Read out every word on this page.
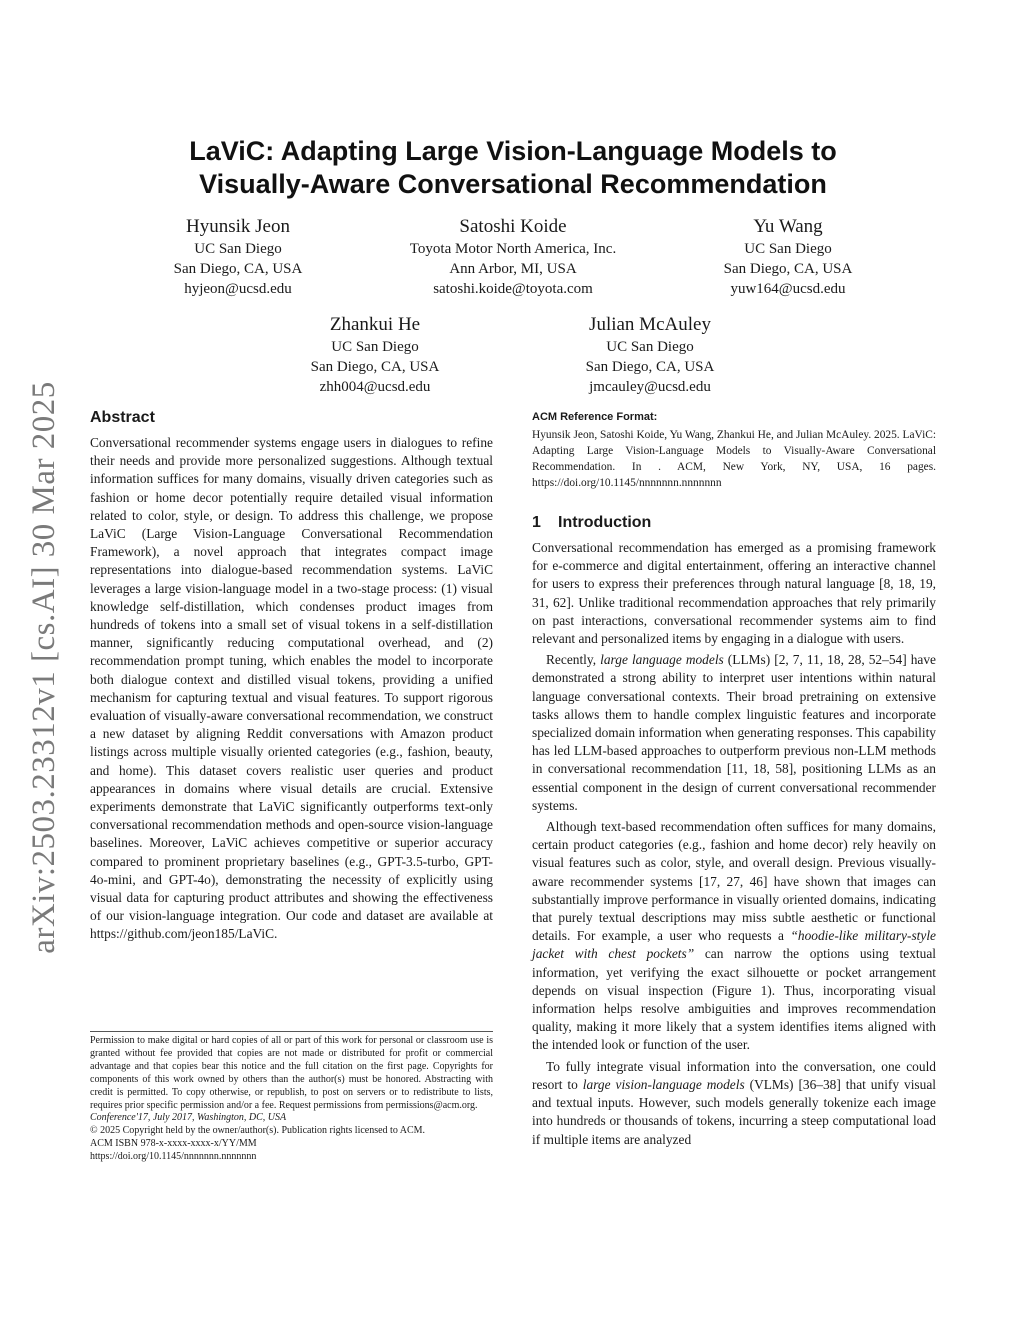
arXiv:2503.23312v1 [cs.AI] 30 Mar 2025
LaViC: Adapting Large Vision-Language Models to
Visually-Aware Conversational Recommendation
Hyunsik Jeon
UC San Diego
San Diego, CA, USA
hyjeon@ucsd.edu
Satoshi Koide
Toyota Motor North America, Inc.
Ann Arbor, MI, USA
satoshi.koide@toyota.com
Yu Wang
UC San Diego
San Diego, CA, USA
yuw164@ucsd.edu
Zhankui He
UC San Diego
San Diego, CA, USA
zhh004@ucsd.edu
Julian McAuley
UC San Diego
San Diego, CA, USA
jmcauley@ucsd.edu
Abstract

Conversational recommender systems engage users in dialogues to refine their needs and provide more personalized suggestions. Although textual information suffices for many domains, visually driven categories such as fashion or home decor potentially require detailed visual information related to color, style, or design. To address this challenge, we propose LaViC (Large Vision-Language Conversational Recommendation Framework), a novel approach that integrates compact image representations into dialogue-based recommendation systems. LaViC leverages a large vision-language model in a two-stage process: (1) visual knowledge self-distillation, which condenses product images from hundreds of tokens into a small set of visual tokens in a self-distillation manner, significantly reducing computational overhead, and (2) recommendation prompt tuning, which enables the model to incorporate both dialogue context and distilled visual tokens, providing a unified mechanism for capturing textual and visual features. To support rigorous evaluation of visually-aware conversational recommendation, we construct a new dataset by aligning Reddit conversations with Amazon product listings across multiple visually oriented categories (e.g., fashion, beauty, and home). This dataset covers realistic user queries and product appearances in domains where visual details are crucial. Extensive experiments demonstrate that LaViC significantly outperforms text-only conversational recommendation methods and open-source vision-language baselines. Moreover, LaViC achieves competitive or superior accuracy compared to prominent proprietary baselines (e.g., GPT-3.5-turbo, GPT-4o-mini, and GPT-4o), demonstrating the necessity of explicitly using visual data for capturing product attributes and showing the effectiveness of our vision-language integration. Our code and dataset are available at https://github.com/jeon185/LaViC.

Permission to make digital or hard copies of all or part of this work for personal or classroom use is granted without fee provided that copies are not made or distributed for profit or commercial advantage and that copies bear this notice and the full citation on the first page. Copyrights for components of this work owned by others than the author(s) must be honored. Abstracting with credit is permitted. To copy otherwise, or republish, to post on servers or to redistribute to lists, requires prior specific permission and/or a fee. Request permissions from permissions@acm.org.
Conference'17, July 2017, Washington, DC, USA
© 2025 Copyright held by the owner/author(s). Publication rights licensed to ACM.
ACM ISBN 978-x-xxxx-xxxx-x/YY/MM
https://doi.org/10.1145/nnnnnnn.nnnnnnn
ACM Reference Format:
Hyunsik Jeon, Satoshi Koide, Yu Wang, Zhankui He, and Julian McAuley. 2025. LaViC: Adapting Large Vision-Language Models to Visually-Aware Conversational Recommendation. In . ACM, New York, NY, USA, 16 pages. https://doi.org/10.1145/nnnnnnn.nnnnnnn
1 Introduction

Conversational recommendation has emerged as a promising framework for e-commerce and digital entertainment, offering an interactive channel for users to express their preferences through natural language [8, 18, 19, 31, 62]. Unlike traditional recommendation approaches that rely primarily on past interactions, conversational recommender systems aim to find relevant and personalized items by engaging in a dialogue with users.

Recently, large language models (LLMs) [2, 7, 11, 18, 28, 52–54] have demonstrated a strong ability to interpret user intentions within natural language conversational contexts. Their broad pretraining on extensive tasks allows them to handle complex linguistic features and incorporate specialized domain information when generating responses. This capability has led LLM-based approaches to outperform previous non-LLM methods in conversational recommendation [11, 18, 58], positioning LLMs as an essential component in the design of current conversational recommender systems.

Although text-based recommendation often suffices for many domains, certain product categories (e.g., fashion and home decor) rely heavily on visual features such as color, style, and overall design. Previous visually-aware recommender systems [17, 27, 46] have shown that images can substantially improve performance in visually oriented domains, indicating that purely textual descriptions may miss subtle aesthetic or functional details. For example, a user who requests a “hoodie-like military-style jacket with chest pockets” can narrow the options using textual information, yet verifying the exact silhouette or pocket arrangement depends on visual inspection (Figure 1). Thus, incorporating visual information helps resolve ambiguities and improves recommendation quality, making it more likely that a system identifies items aligned with the intended look or function of the user.

To fully integrate visual information into the conversation, one could resort to large vision-language models (VLMs) [36–38] that unify visual and textual inputs. However, such models generally tokenize each image into hundreds or thousands of tokens, incurring a steep computational load if multiple items are analyzed
